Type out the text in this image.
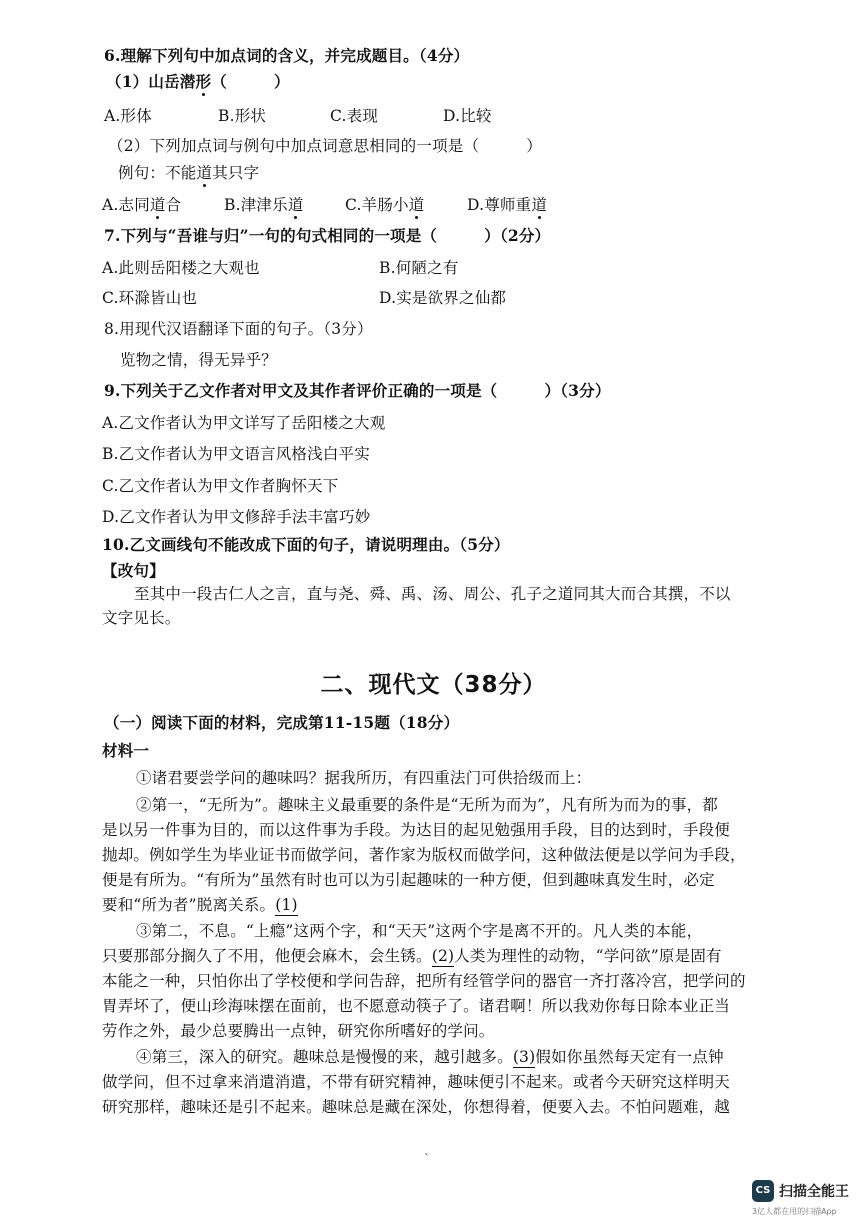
6.理解下列句中加点词的含义，并完成题目。（4分）
（1）山岳潜形（　　　）
A.形体	B.形状	C.表现	D.比较
（2）下列加点词与例句中加点词意思相同的一项是（　　　）
例句：不能道其只字
A.志同道合	B.津津乐道	C.羊肠小道	D.尊师重道
7.下列与“吾谁与归”一句的句式相同的一项是（　　　）（2分）
A.此则岳阳楼之大观也	B.何陋之有
C.环滁皆山也	D.实是欲界之仙都
8.用现代汉语翻译下面的句子。（3分）
览物之情，得无异乎？
9.下列关于乙文作者对甲文及其作者评价正确的一项是（　　　）（3分）
A.乙文作者认为甲文详写了岳阳楼之大观
B.乙文作者认为甲文语言风格浅白平实
C.乙文作者认为甲文作者胸怀天下
D.乙文作者认为甲文修辞手法丰富巧妙
10.乙文画线句不能改成下面的句子，请说明理由。（5分）
【改句】
至其中一段古仁人之言，直与尧、舜、禹、汤、周公、孔子之道同其大而合其撰，不以
文字见长。
二、现代文（38分）
（一）阅读下面的材料，完成第11-15题（18分）
材料一
①诸君要尝学问的趣味吗？据我所历，有四重法门可供拾级而上：
②第一，“无所为”。趣味主义最重要的条件是“无所为而为”，凡有所为而为的事，都
是以另一件事为目的，而以这件事为手段。为达目的起见勉强用手段，目的达到时，手段便
抛却。例如学生为毕业证书而做学问，著作家为版权而做学问，这种做法便是以学问为手段，
便是有所为。“有所为”虽然有时也可以为引起趣味的一种方便，但到趣味真发生时，必定
要和“所为者”脱离关系。(1)
③第二，不息。“上瘾”这两个字，和“天天”这两个字是离不开的。凡人类的本能，
只要那部分搁久了不用，他便会麻木，会生锈。(2)人类为理性的动物，“学问欲”原是固有
本能之一种，只怕你出了学校便和学问告辞，把所有经管学问的器官一齐打落冷宫，把学问的
胃弄坏了，便山珍海味摆在面前，也不愿意动筷子了。诸君啊！所以我劝你每日除本业正当
劳作之外，最少总要腾出一点钟，研究你所嗜好的学问。
④第三，深入的研究。趣味总是慢慢的来，越引越多。(3)假如你虽然每天定有一点钟
做学问，但不过拿来消遣消遣，不带有研究精神，趣味便引不起来。或者今天研究这样明天
研究那样，趣味还是引不起来。趣味总是藏在深处，你想得着，便要入去。不怕问题难，越
`
CS 扫描全能王
3亿人都在用的扫描App
